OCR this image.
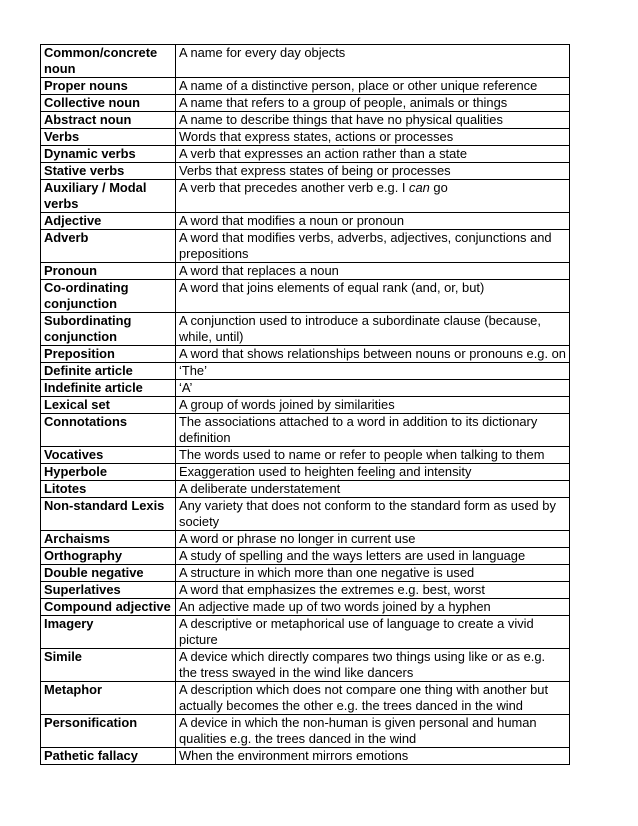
Common/concrete noun	A name for every day objects
Proper nouns	A name of a distinctive person, place or other unique reference
Collective noun	A name that refers to a group of people, animals or things
Abstract noun	A name to describe things that have no physical qualities
Verbs	Words that express states, actions or processes
Dynamic verbs	A verb that expresses an action rather than a state
Stative verbs	Verbs that express states of being or processes
Auxiliary / Modal verbs	A verb that precedes another verb e.g. I can go
Adjective	A word that modifies a noun or pronoun
Adverb	A word that modifies verbs, adverbs, adjectives, conjunctions and prepositions
Pronoun	A word that replaces a noun
Co-ordinating conjunction	A word that joins elements of equal rank (and, or, but)
Subordinating conjunction	A conjunction used to introduce a subordinate clause (because, while, until)
Preposition	A word that shows relationships between nouns or pronouns e.g. on
Definite article	‘The’
Indefinite article	‘A’
Lexical set	A group of words joined by similarities
Connotations	The associations attached to a word in addition to its dictionary definition
Vocatives	The words used to name or refer to people when talking to them
Hyperbole	Exaggeration used to heighten feeling and intensity
Litotes	A deliberate understatement
Non-standard Lexis	Any variety that does not conform to the standard form as used by society
Archaisms	A word or phrase no longer in current use
Orthography	A study of spelling and the ways letters are used in language
Double negative	A structure in which more than one negative is used
Superlatives	A word that emphasizes the extremes e.g. best, worst
Compound adjective	An adjective made up of two words joined by a hyphen
Imagery	A descriptive or metaphorical use of language to create a vivid picture
Simile	A device which directly compares two things using like or as e.g. the tress swayed in the wind like dancers
Metaphor	A description which does not compare one thing with another but actually becomes the other e.g. the trees danced in the wind
Personification	A device in which the non-human is given personal and human qualities e.g. the trees danced in the wind
Pathetic fallacy	When the environment mirrors emotions
